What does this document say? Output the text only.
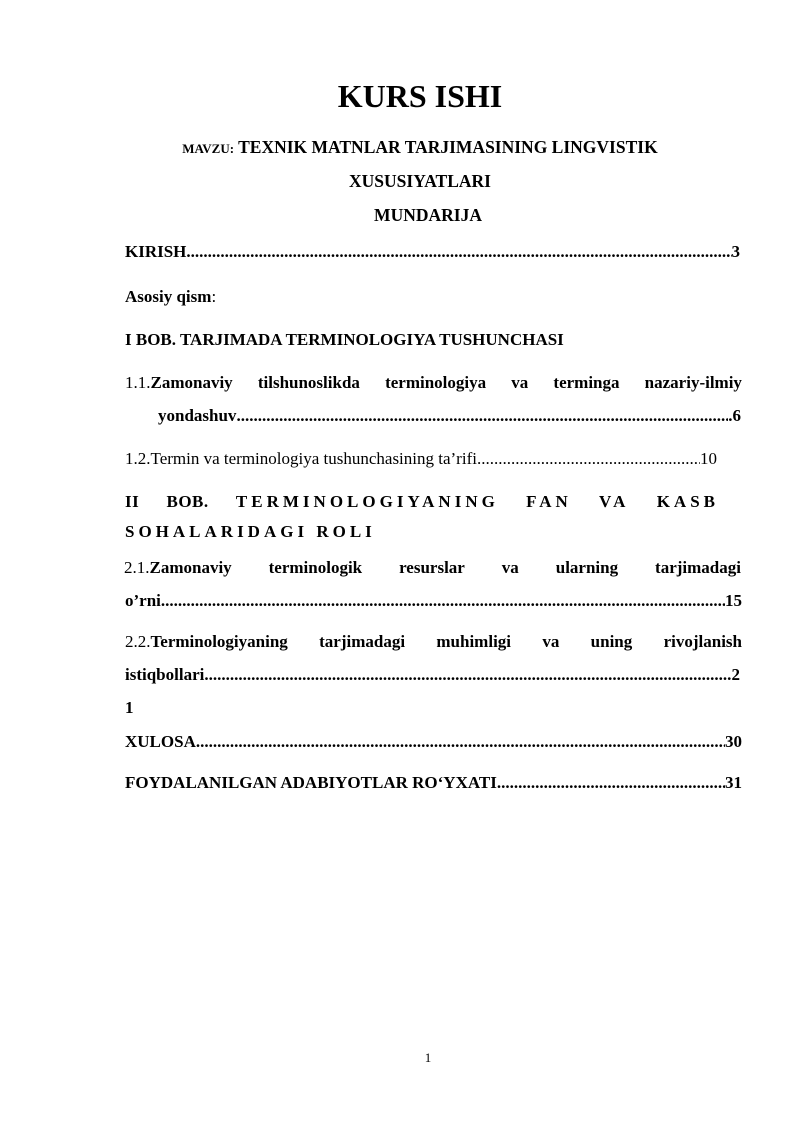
KURS ISHI
MAVZU: TEXNIK MATNLAR TARJIMASINING LINGVISTIK
XUSUSIYATLARI
MUNDARIJA
KIRISH .....	3
Asosiy qism:
I BOB. TARJIMADA TERMINOLOGIYA TUSHUNCHASI
1.1.Zamonaviy tilshunoslikda terminologiya va terminga nazariy-ilmiy
yondashuv .....	.6
1.2. Termin va terminologiya tushunchasining ta’rifi .....	10
II BOB. TERMINOLOGIYANING FAN VA KASB
SOHALARIDAGI ROLI
2.1.Zamonaviy terminologik resurslar va ularning tarjimadagi
o’rni .....	15
2.2.Terminologiyaning tarjimadagi muhimligi va uning rivojlanish
istiqbollari .....	2
1
XULOSA .....	30
FOYDALANILGAN ADABIYOTLAR RO‘YXATI .....	31
1
